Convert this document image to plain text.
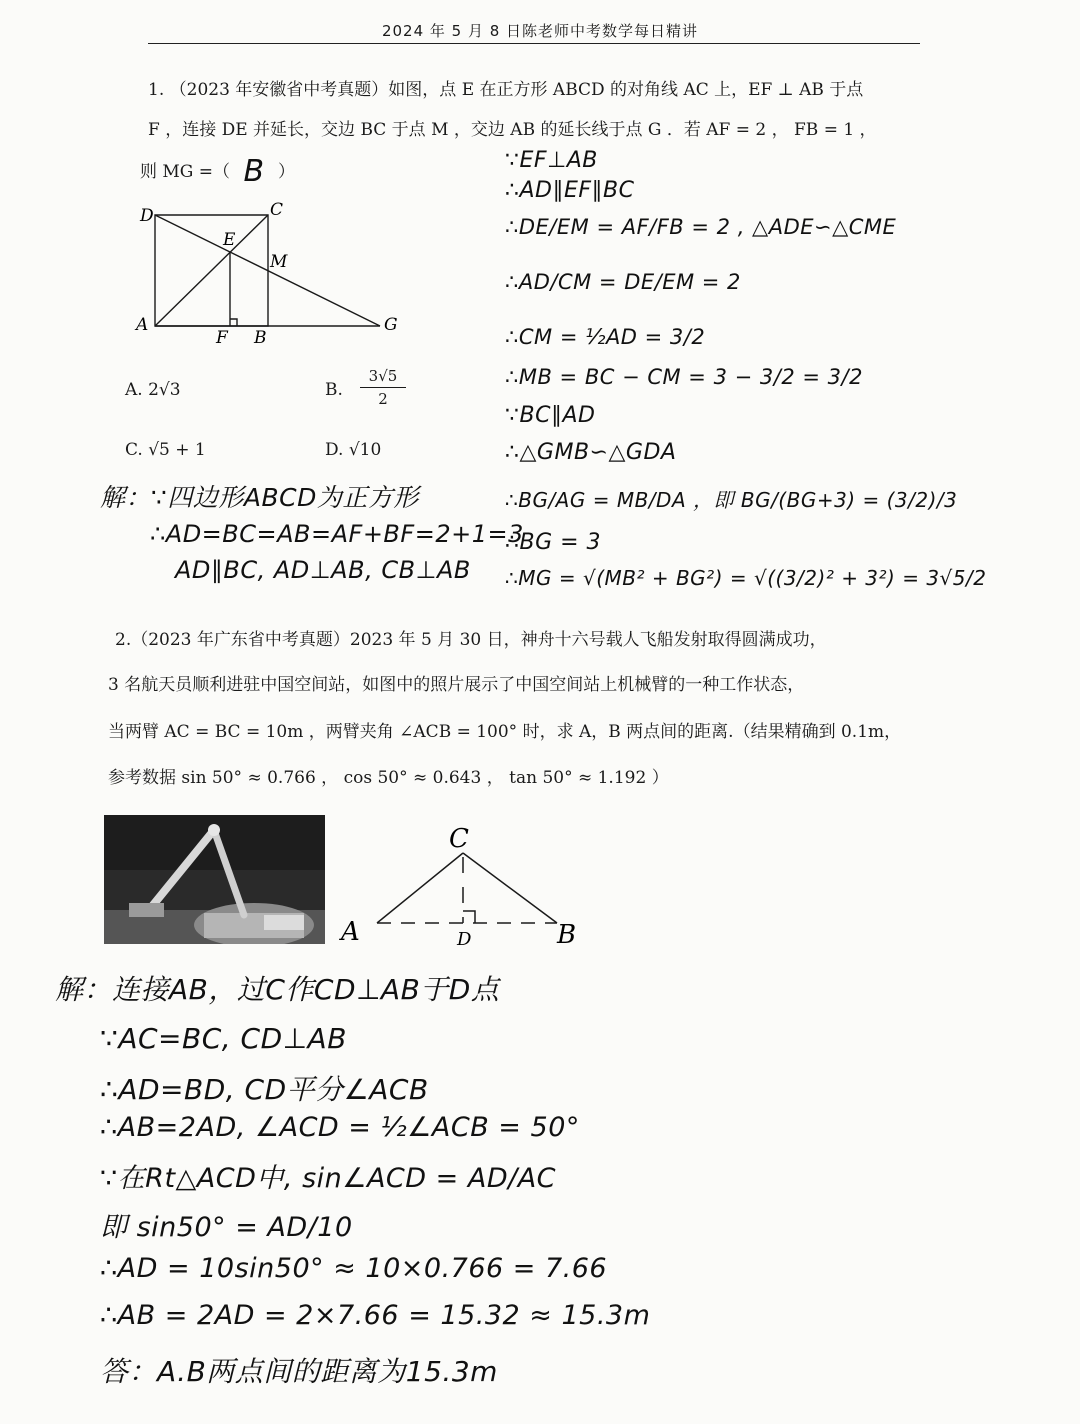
2024 年 5 月 8 日陈老师中考数学每日精讲
1. （2023 年安徽省中考真题）如图，点 E 在正方形 ABCD 的对角线 AC 上，EF ⊥ AB 于点
F ，连接 DE 并延长，交边 BC 于点 M ，交边 AB 的延长线于点 G ．若 AF = 2 ， FB = 1 ，
则 MG =（ B ）
D	C
E
M
A
F B
G
A. 2√3	B. $\frac{3√5}{2}$
C. √5 + 1	D. √10
解：∵四边形ABCD为正方形
∴AD=BC=AB=AF+BF=2+1=3
AD∥BC, AD⊥AB, CB⊥AB
∵EF⊥AB
∴AD∥EF∥BC
∴DE/EM = AF/FB = 2 , △ADE∽△CME
∴AD/CM = DE/EM = 2
∴CM = ½AD = 3/2
∴MB = BC − CM = 3 − 3/2 = 3/2
∵BC∥AD
∴△GMB∽△GDA
∴BG/AG = MB/DA ，即 BG/(BG+3) = (3/2)/3
∴BG = 3
∴MG = √(MB² + BG²) = √((3/2)² + 3²) = 3√5/2
2.（2023 年广东省中考真题）2023 年 5 月 30 日，神舟十六号载人飞船发射取得圆满成功，
3 名航天员顺利进驻中国空间站，如图中的照片展示了中国空间站上机械臂的一种工作状态，
当两臂 AC = BC = 10m ，两臂夹角 ∠ACB = 100° 时，求 A，B 两点间的距离.（结果精确到 0.1m，
参考数据 sin 50° ≈ 0.766 ， cos 50° ≈ 0.643 ， tan 50° ≈ 1.192 ）
C
A	B
D
解：连接AB，过C作CD⊥AB于D点
∵AC=BC, CD⊥AB
∴AD=BD, CD平分∠ACB
∴AB=2AD, ∠ACD = ½∠ACB = 50°
∵在Rt△ACD中, sin∠ACD = AD/AC
即 sin50° = AD/10
∴AD = 10sin50° ≈ 10×0.766 = 7.66
∴AB = 2AD = 2×7.66 = 15.32 ≈ 15.3m
答：A.B两点间的距离为15.3m
